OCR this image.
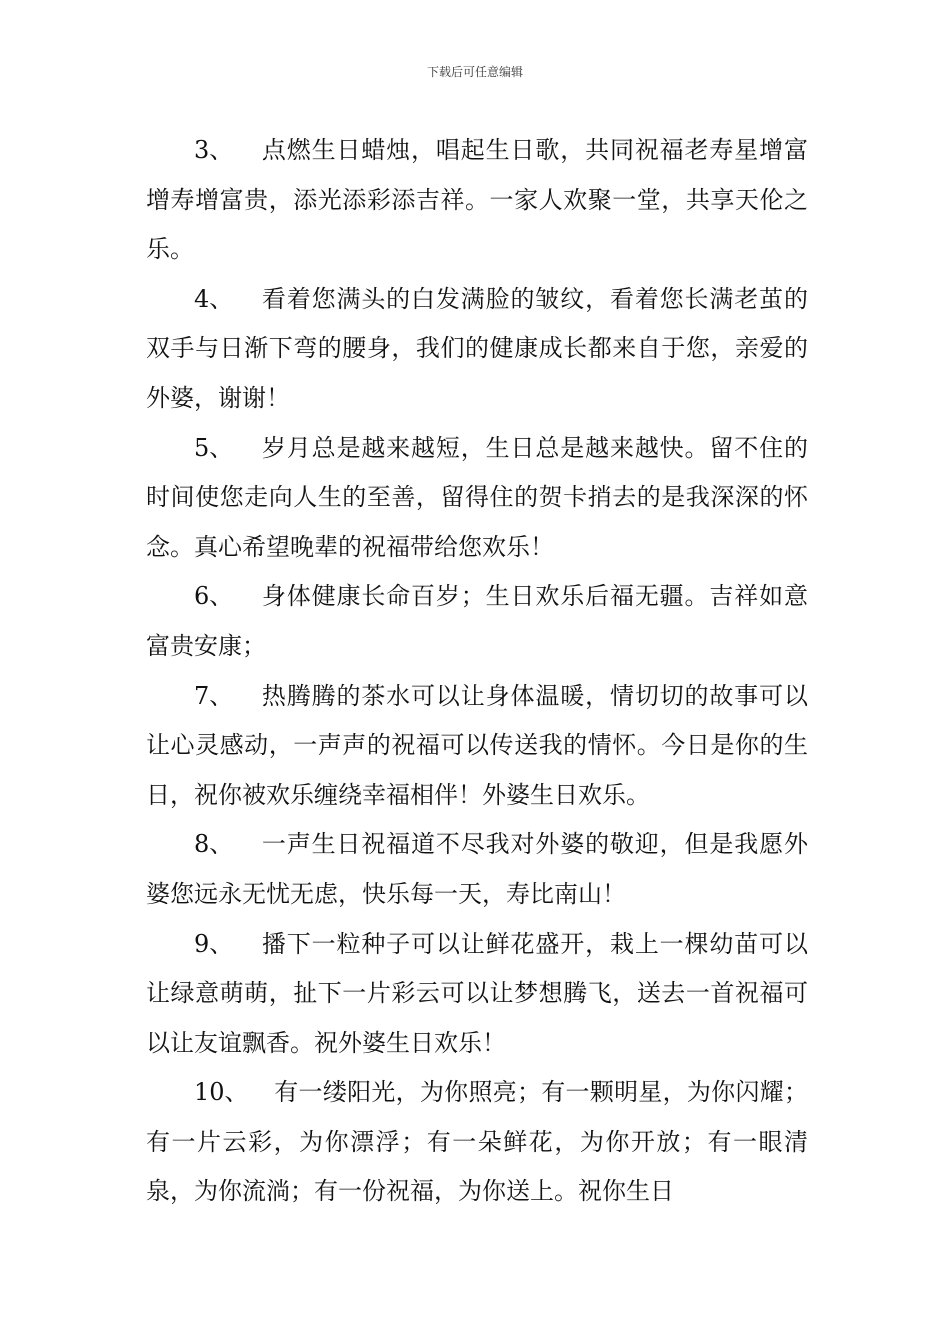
下载后可任意编辑

3、 点燃生日蜡烛，唱起生日歌，共同祝福老寿星增富增寿增富贵，添光添彩添吉祥。一家人欢聚一堂，共享天伦之乐。

4、 看着您满头的白发满脸的皱纹，看着您长满老茧的双手与日渐下弯的腰身，我们的健康成长都来自于您，亲爱的外婆，谢谢！

5、 岁月总是越来越短，生日总是越来越快。留不住的时间使您走向人生的至善，留得住的贺卡捎去的是我深深的怀念。真心希望晚辈的祝福带给您欢乐！

6、 身体健康长命百岁；生日欢乐后福无疆。吉祥如意富贵安康；

7、 热腾腾的茶水可以让身体温暖，情切切的故事可以让心灵感动，一声声的祝福可以传送我的情怀。今日是你的生日，祝你被欢乐缠绕幸福相伴！外婆生日欢乐。

8、 一声生日祝福道不尽我对外婆的敬迎，但是我愿外婆您远永无忧无虑，快乐每一天，寿比南山！

9、 播下一粒种子可以让鲜花盛开，栽上一棵幼苗可以让绿意萌萌，扯下一片彩云可以让梦想腾飞，送去一首祝福可以让友谊飘香。祝外婆生日欢乐！

10、 有一缕阳光，为你照亮；有一颗明星，为你闪耀；有一片云彩，为你漂浮；有一朵鲜花，为你开放；有一眼清泉，为你流淌；有一份祝福，为你送上。祝你生日
